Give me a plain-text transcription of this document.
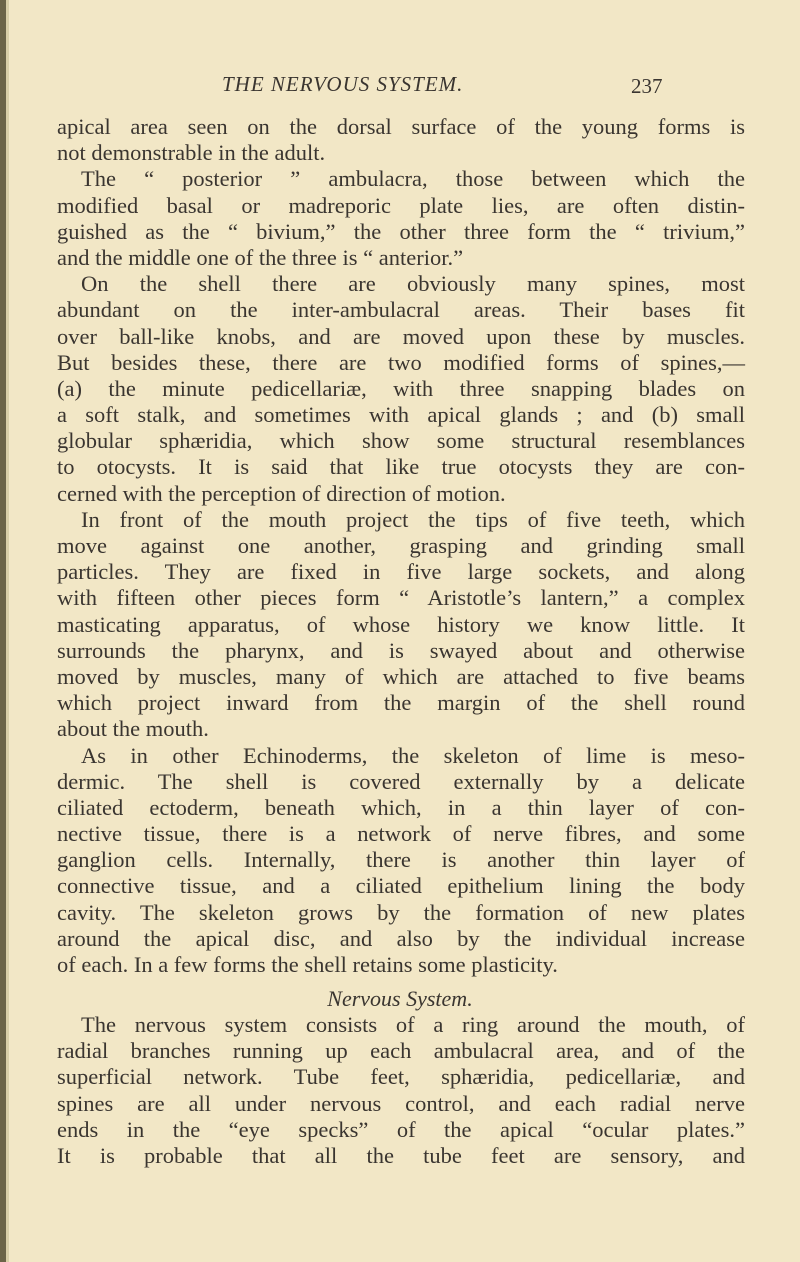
THE NERVOUS SYSTEM.	237
apical area seen on the dorsal surface of the young forms is
not demonstrable in the adult.
The “ posterior ” ambulacra, those between which the
modified basal or madreporic plate lies, are often distin-
guished as the “ bivium,” the other three form the “ trivium,”
and the middle one of the three is “ anterior.”
On the shell there are obviously many spines, most
abundant on the inter-ambulacral areas. Their bases fit
over ball-like knobs, and are moved upon these by muscles.
But besides these, there are two modified forms of spines,—
(a) the minute pedicellariæ, with three snapping blades on
a soft stalk, and sometimes with apical glands ; and (b) small
globular sphæridia, which show some structural resemblances
to otocysts. It is said that like true otocysts they are con-
cerned with the perception of direction of motion.
In front of the mouth project the tips of five teeth, which
move against one another, grasping and grinding small
particles. They are fixed in five large sockets, and along
with fifteen other pieces form “ Aristotle’s lantern,” a complex
masticating apparatus, of whose history we know little. It
surrounds the pharynx, and is swayed about and otherwise
moved by muscles, many of which are attached to five beams
which project inward from the margin of the shell round
about the mouth.
As in other Echinoderms, the skeleton of lime is meso-
dermic. The shell is covered externally by a delicate
ciliated ectoderm, beneath which, in a thin layer of con-
nective tissue, there is a network of nerve fibres, and some
ganglion cells. Internally, there is another thin layer of
connective tissue, and a ciliated epithelium lining the body
cavity. The skeleton grows by the formation of new plates
around the apical disc, and also by the individual increase
of each. In a few forms the shell retains some plasticity.
Nervous System.
The nervous system consists of a ring around the mouth, of
radial branches running up each ambulacral area, and of the
superficial network. Tube feet, sphæridia, pedicellariæ, and
spines are all under nervous control, and each radial nerve
ends in the “eye specks” of the apical “ocular plates.”
It is probable that all the tube feet are sensory, and
